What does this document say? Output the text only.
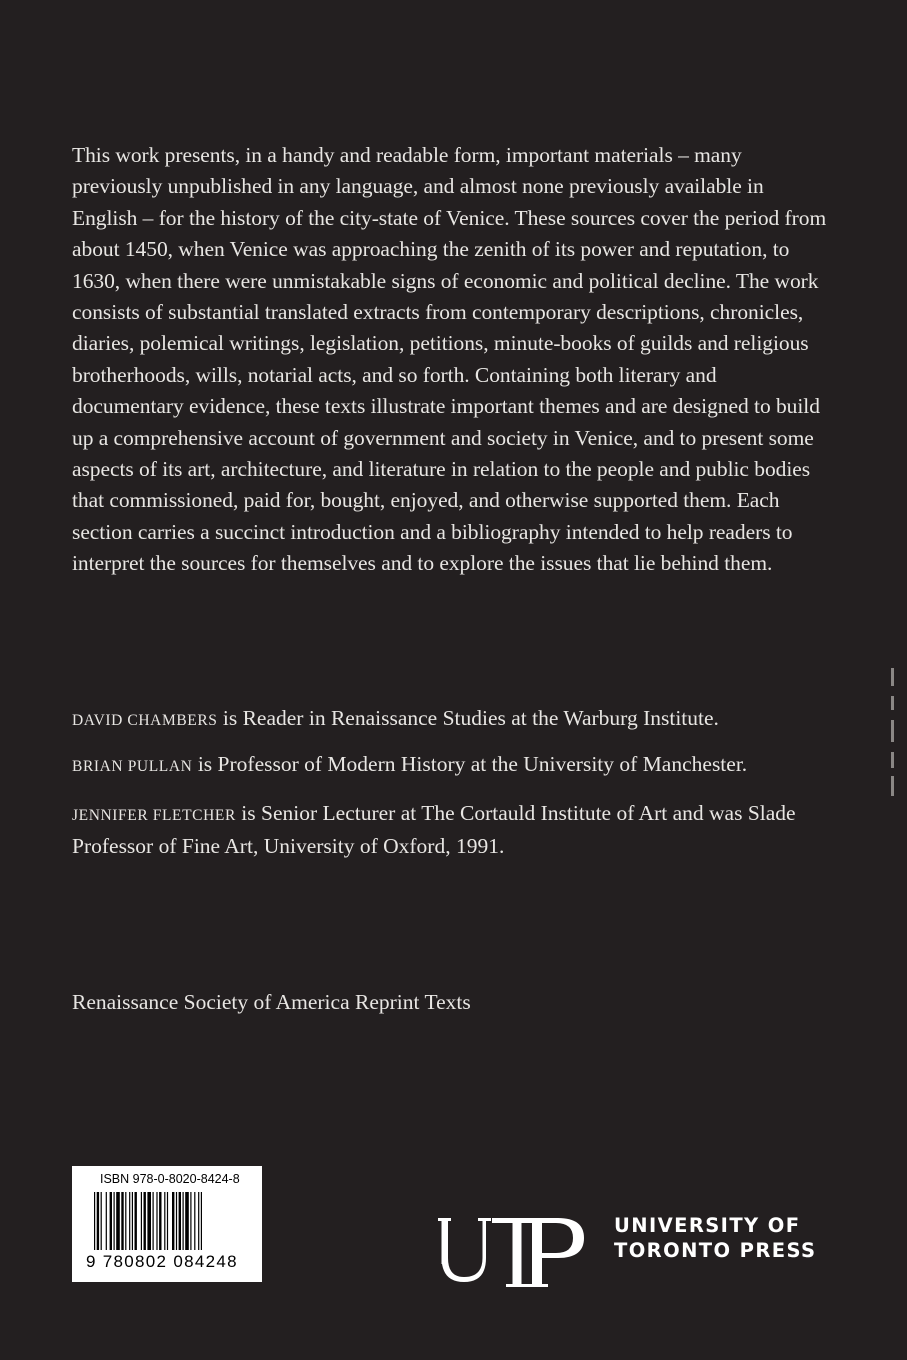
This work presents, in a handy and readable form, important materials – many previously unpublished in any language, and almost none previously available in English – for the history of the city-state of Venice. These sources cover the period from about 1450, when Venice was approaching the zenith of its power and reputation, to 1630, when there were unmistakable signs of economic and political decline. The work consists of substantial translated extracts from contemporary descriptions, chronicles, diaries, polemical writings, legislation, petitions, minute-books of guilds and religious brotherhoods, wills, notarial acts, and so forth. Containing both literary and documentary evidence, these texts illustrate important themes and are designed to build up a comprehensive account of government and society in Venice, and to present some aspects of its art, architecture, and literature in relation to the people and public bodies that commissioned, paid for, bought, enjoyed, and otherwise supported them. Each section carries a succinct introduction and a bibliography intended to help readers to interpret the sources for themselves and to explore the issues that lie behind them.

DAVID CHAMBERS is Reader in Renaissance Studies at the Warburg Institute.

BRIAN PULLAN is Professor of Modern History at the University of Manchester.

JENNIFER FLETCHER is Senior Lecturer at The Cortauld Institute of Art and was Slade Professor of Fine Art, University of Oxford, 1991.

Renaissance Society of America Reprint Texts

ISBN 978-0-8020-8424-8
9 780802 084248
UNIVERSITY OF
TORONTO PRESS
